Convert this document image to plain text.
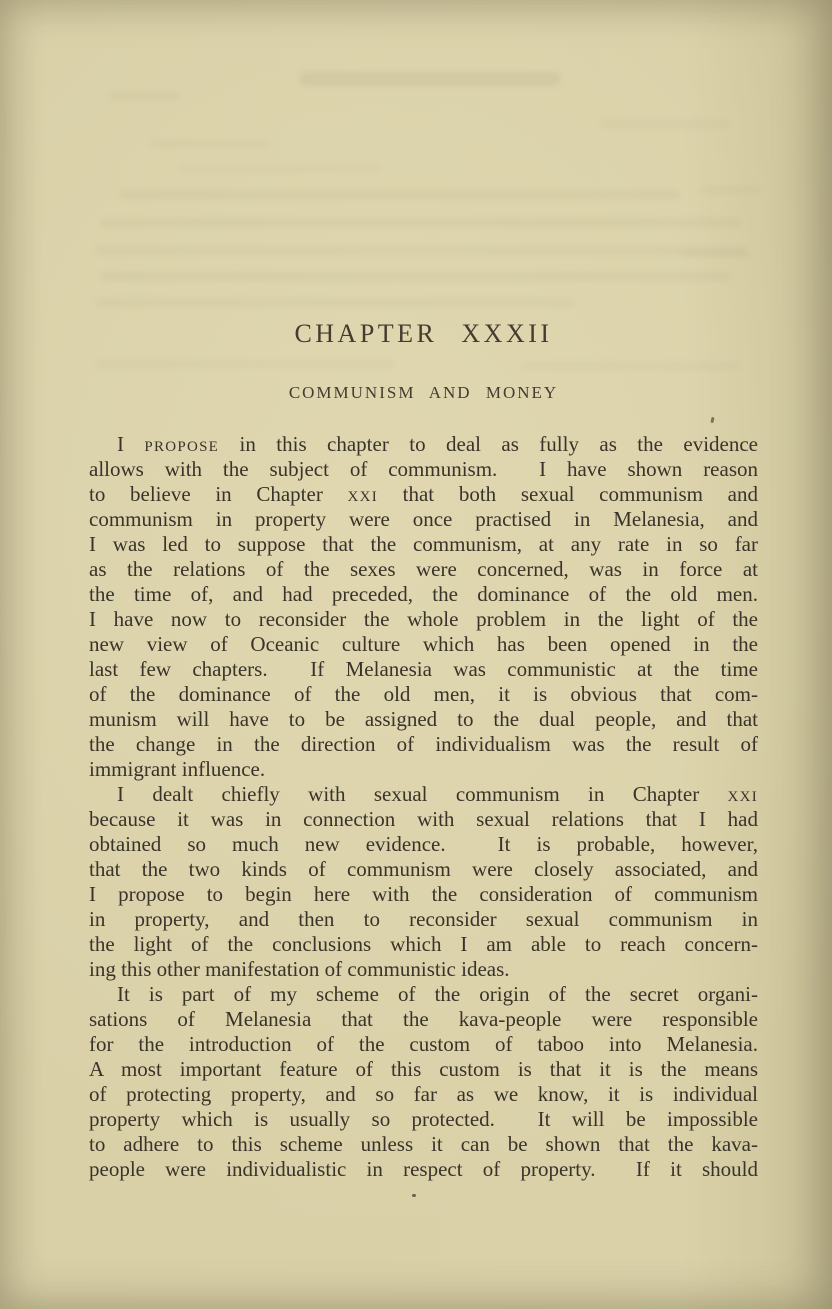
CHAPTER XXXII
COMMUNISM AND MONEY
I propose in this chapter to deal as fully as the evidence
allows with the subject of communism.  I have shown reason
to believe in Chapter xxi that both sexual communism and
communism in property were once practised in Melanesia, and
I was led to suppose that the communism, at any rate in so far
as the relations of the sexes were concerned, was in force at
the time of, and had preceded, the dominance of the old men.
I have now to reconsider the whole problem in the light of the
new view of Oceanic culture which has been opened in the
last few chapters.  If Melanesia was communistic at the time
of the dominance of the old men, it is obvious that com-
munism will have to be assigned to the dual people, and that
the change in the direction of individualism was the result of
immigrant influence.
I dealt chiefly with sexual communism in Chapter xxi
because it was in connection with sexual relations that I had
obtained so much new evidence.  It is probable, however,
that the two kinds of communism were closely associated, and
I propose to begin here with the consideration of communism
in property, and then to reconsider sexual communism in
the light of the conclusions which I am able to reach concern-
ing this other manifestation of communistic ideas.
It is part of my scheme of the origin of the secret organi-
sations of Melanesia that the kava-people were responsible
for the introduction of the custom of taboo into Melanesia.
A most important feature of this custom is that it is the means
of protecting property, and so far as we know, it is individual
property which is usually so protected.  It will be impossible
to adhere to this scheme unless it can be shown that the kava-
people were individualistic in respect of property.  If it should
